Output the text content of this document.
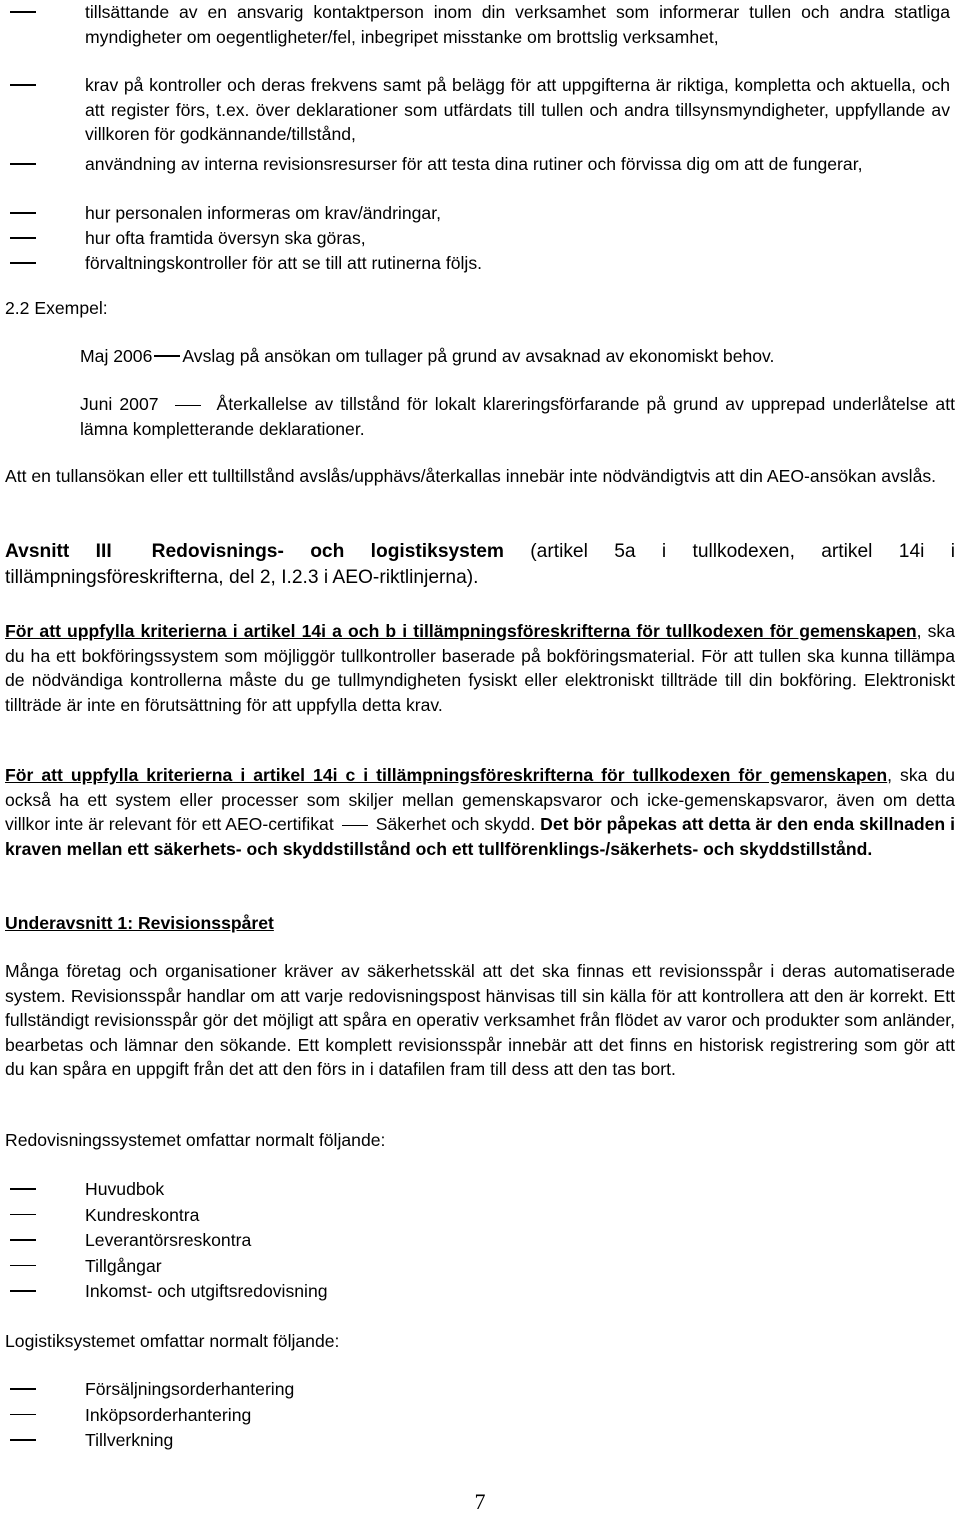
tillsättande av en ansvarig kontaktperson inom din verksamhet som informerar tullen och andra statliga myndigheter om oegentligheter/fel, inbegripet misstanke om brottslig verksamhet,
krav på kontroller och deras frekvens samt på belägg för att uppgifterna är riktiga, kompletta och aktuella, och att register förs, t.ex. över deklarationer som utfärdats till tullen och andra tillsynsmyndigheter, uppfyllande av villkoren för godkännande/tillstånd,
användning av interna revisionsresurser för att testa dina rutiner och förvissa dig om att de fungerar,
hur personalen informeras om krav/ändringar,
hur ofta framtida översyn ska göras,
förvaltningskontroller för att se till att rutinerna följs.

2.2 Exempel:

Maj 2006 Avslag på ansökan om tullager på grund av avsaknad av ekonomiskt behov.

Juni 2007	Återkallelse av tillstånd för lokalt klareringsförfarande på grund av upprepad underlåtelse att lämna kompletterande deklarationer.

Att en tullansökan eller ett tulltillstånd avslås/upphävs/återkallas innebär inte nödvändigtvis att din AEO-ansökan avslås.

Avsnitt III Redovisnings- och logistiksystem (artikel 5a i tullkodexen, artikel 14i i tillämpningsföreskrifterna, del 2, I.2.3 i AEO-riktlinjerna).

För att uppfylla kriterierna i artikel 14i a och b i tillämpningsföreskrifterna för tullkodexen för gemenskapen, ska du ha ett bokföringssystem som möjliggör tullkontroller baserade på bokföringsmaterial. För att tullen ska kunna tillämpa de nödvändiga kontrollerna måste du ge tullmyndigheten fysiskt eller elektroniskt tillträde till din bokföring. Elektroniskt tillträde är inte en förutsättning för att uppfylla detta krav.

För att uppfylla kriterierna i artikel 14i c i tillämpningsföreskrifterna för tullkodexen för gemenskapen, ska du också ha ett system eller processer som skiljer mellan gemenskapsvaror och icke-gemenskapsvaror, även om detta villkor inte är relevant för ett AEO-certifikat Säkerhet och skydd. Det bör påpekas att detta är den enda skillnaden i kraven mellan ett säkerhets- och skyddstillstånd och ett tullförenklings-/säkerhets- och skyddstillstånd.

Underavsnitt 1: Revisionsspåret

Många företag och organisationer kräver av säkerhetsskäl att det ska finnas ett revisionsspår i deras automatiserade system. Revisionsspår handlar om att varje redovisningspost hänvisas till sin källa för att kontrollera att den är korrekt. Ett fullständigt revisionsspår gör det möjligt att spåra en operativ verksamhet från flödet av varor och produkter som anländer, bearbetas och lämnar den sökande. Ett komplett revisionsspår innebär att det finns en historisk registrering som gör att du kan spåra en uppgift från det att den förs in i datafilen fram till dess att den tas bort.

Redovisningssystemet omfattar normalt följande:

Huvudbok
Kundreskontra
Leverantörsreskontra
Tillgångar
Inkomst- och utgiftsredovisning

Logistiksystemet omfattar normalt följande:

Försäljningsorderhantering
Inköpsorderhantering
Tillverkning
7
